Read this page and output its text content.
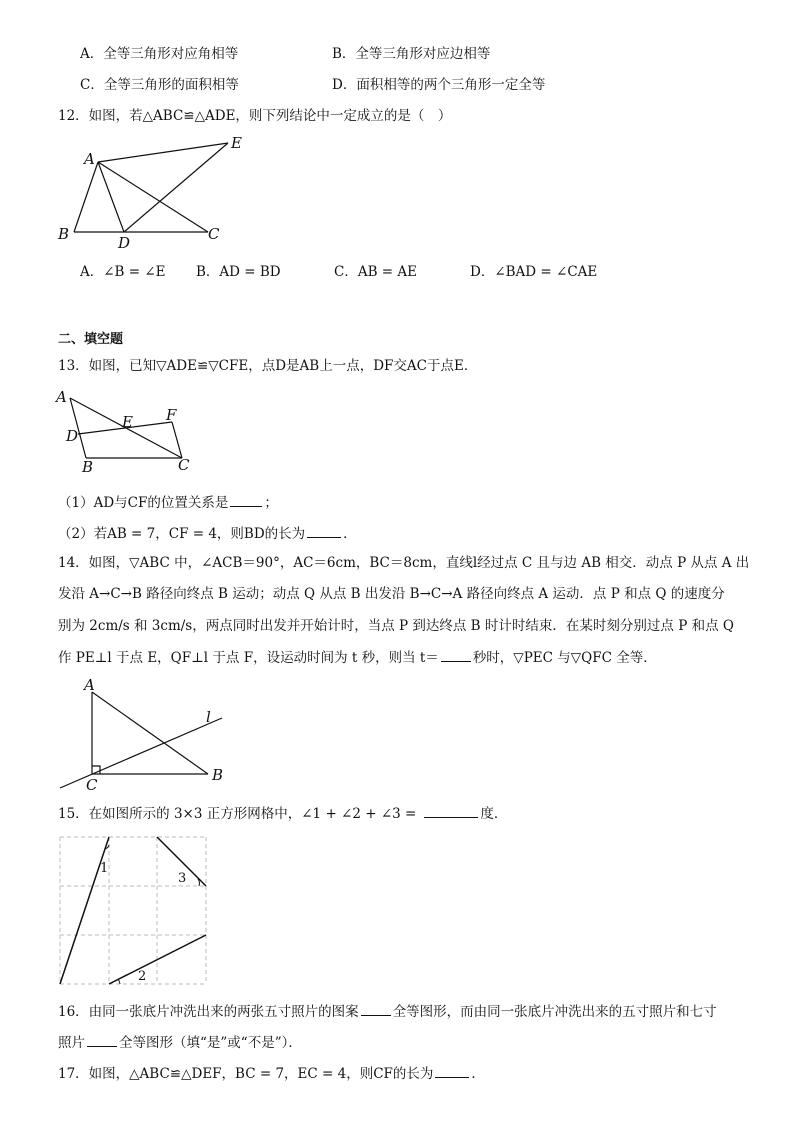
A．全等三角形对应角相等	B．全等三角形对应边相等
C．全等三角形的面积相等	D．面积相等的两个三角形一定全等
12．如图，若△ABC≌△ADE，则下列结论中一定成立的是（　）
A
B	C
D
E
A．∠B = ∠E B．AD = BD	C．AB = AE	D．∠BAD = ∠CAE
二、填空题
13．如图，已知▽ADE≌▽CFE，点D是AB上一点，DF交AC于点E．
A
D
E F
B	C
（1）AD与CF的位置关系是	；
（2）若AB = 7，CF = 4，则BD的长为	．
14．如图，▽ABC 中，∠ACB＝90°，AC＝6cm，BC＝8cm，直线l经过点 C 且与边 AB 相交．动点 P 从点 A 出
发沿 A→C→B 路径向终点 B 运动；动点 Q 从点 B 出发沿 B→C→A 路径向终点 A 运动．点 P 和点 Q 的速度分
别为 2cm/s 和 3cm/s，两点同时出发并开始计时，当点 P 到达终点 B 时计时结束．在某时刻分别过点 P 和点 Q
作 PE⊥l 于点 E，QF⊥l 于点 F，设运动时间为 t 秒，则当 t＝	秒时，▽PEC 与▽QFC 全等．
A
C
B
l
15．在如图所示的 3×3 正方形网格中，∠1 + ∠2 + ∠3 =	度．
1
3
2
16．由同一张底片冲洗出来的两张五寸照片的图案	全等图形，而由同一张底片冲洗出来的五寸照片和七寸
照片	全等图形（填“是”或“不是”）．
17．如图，△ABC≌△DEF，BC = 7，EC = 4，则CF的长为	．
